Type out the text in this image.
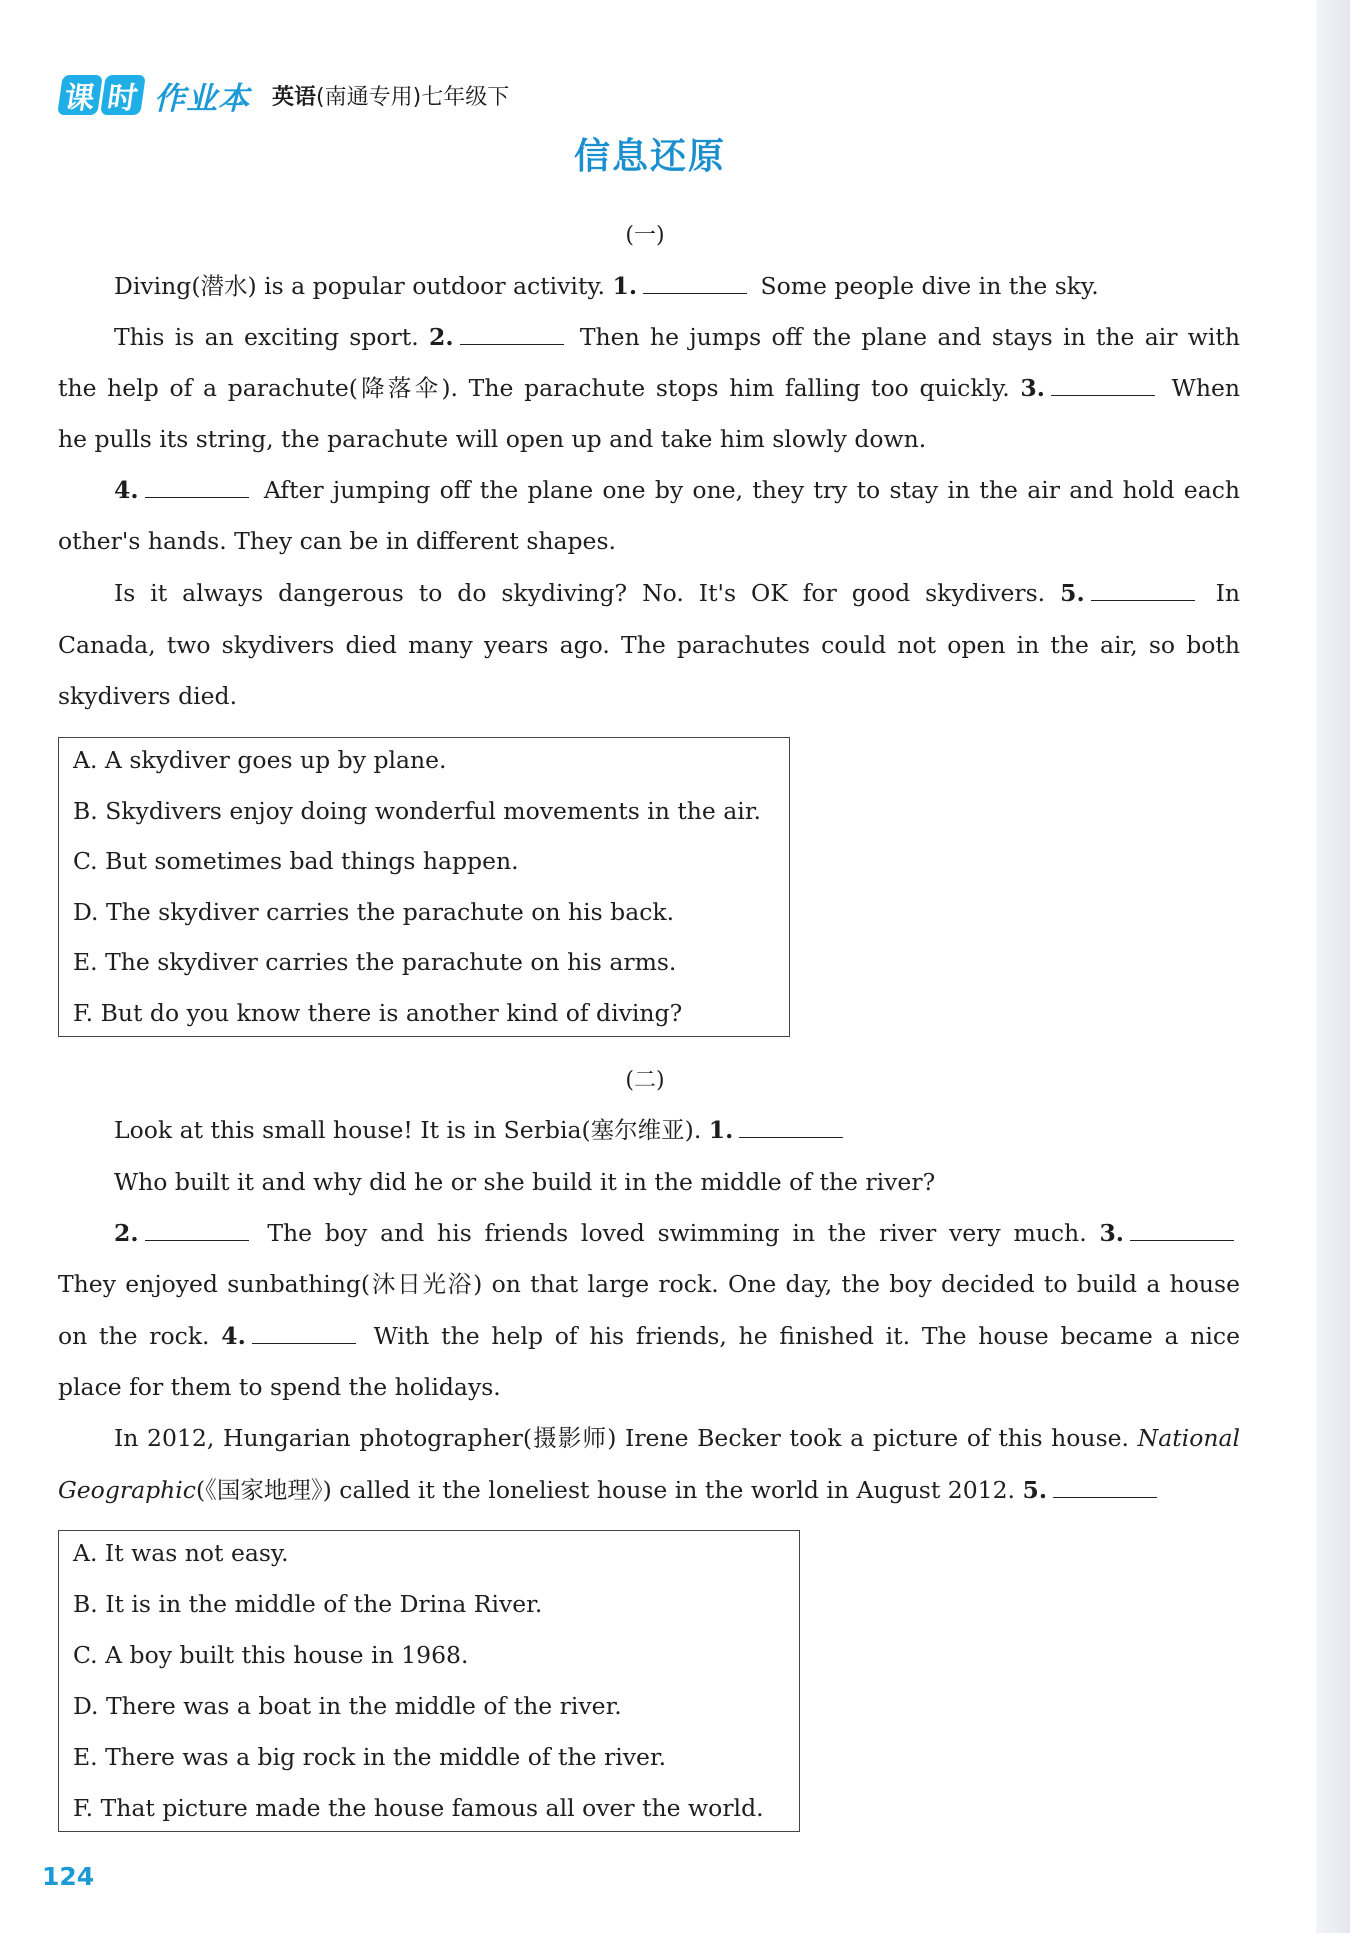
课 时 作业本 英语(南通专用)七年级下
信息还原
(一)
Diving(潜水) is a popular outdoor activity. 1.	Some people dive in the sky.
This is an exciting sport. 2.	Then he jumps off the plane and stays in the air with
the help of a parachute(降落伞). The parachute stops him falling too quickly. 3.	When
he pulls its string, the parachute will open up and take him slowly down.
4.	After jumping off the plane one by one, they try to stay in the air and hold each
other's hands. They can be in different shapes.
Is it always dangerous to do skydiving? No. It's OK for good skydivers. 5.	In
Canada, two skydivers died many years ago. The parachutes could not open in the air, so both
skydivers died.
A. A skydiver goes up by plane.
B. Skydivers enjoy doing wonderful movements in the air.
C. But sometimes bad things happen.
D. The skydiver carries the parachute on his back.
E. The skydiver carries the parachute on his arms.
F. But do you know there is another kind of diving?
(二)
Look at this small house! It is in Serbia(塞尔维亚). 1.
Who built it and why did he or she build it in the middle of the river?
2.	The boy and his friends loved swimming in the river very much. 3.
They enjoyed sunbathing(沐日光浴) on that large rock. One day, the boy decided to build a house
on the rock. 4.	With the help of his friends, he finished it. The house became a nice
place for them to spend the holidays.
In 2012, Hungarian photographer(摄影师) Irene Becker took a picture of this house. National
Geographic(《国家地理》) called it the loneliest house in the world in August 2012. 5.
A. It was not easy.
B. It is in the middle of the Drina River.
C. A boy built this house in 1968.
D. There was a boat in the middle of the river.
E. There was a big rock in the middle of the river.
F. That picture made the house famous all over the world.
124
